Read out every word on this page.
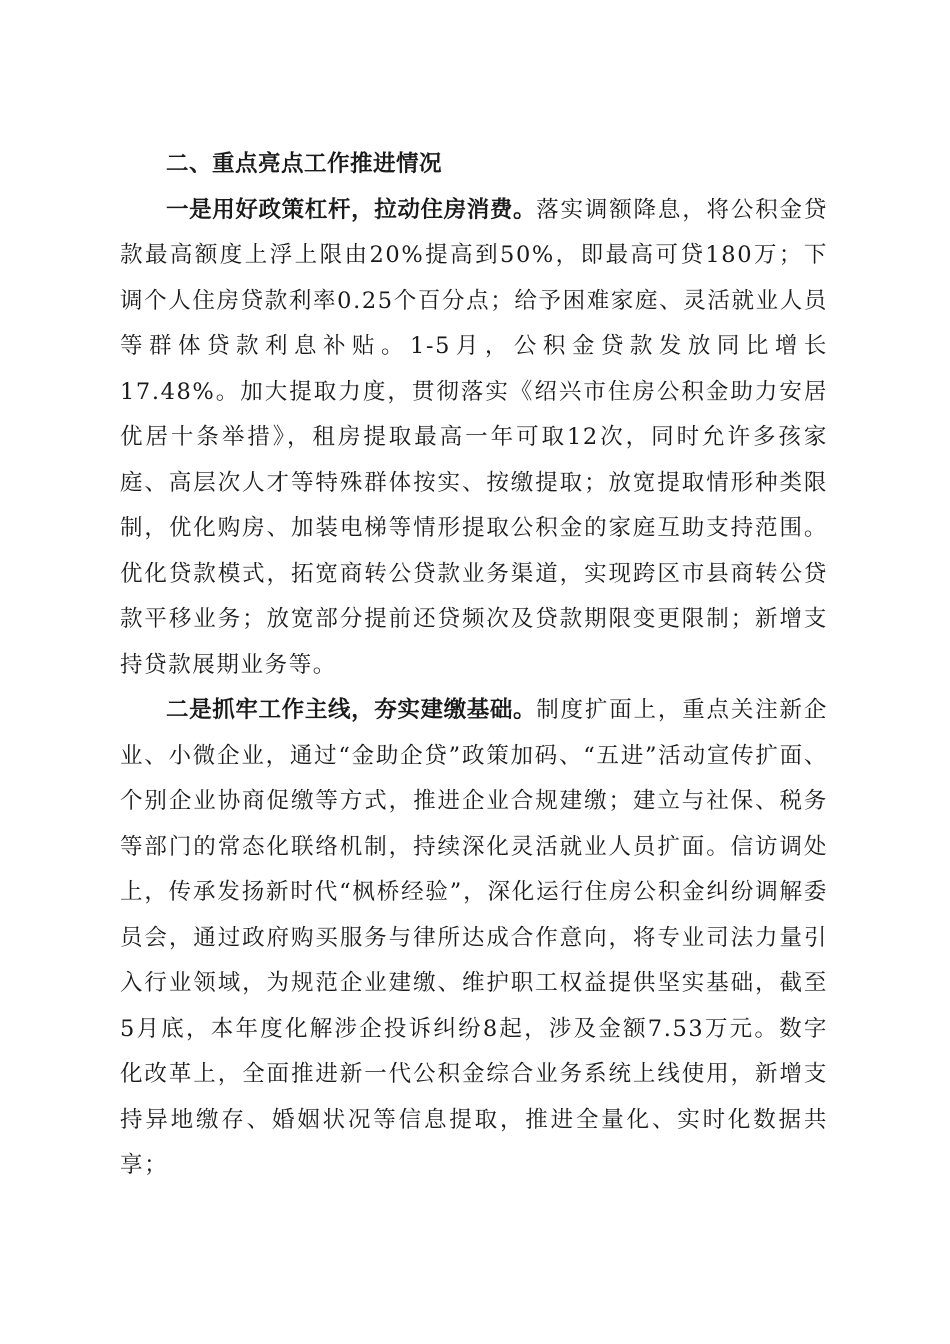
二、重点亮点工作推进情况

一是用好政策杠杆，拉动住房消费。落实调额降息，将公积金贷款最高额度上浮上限由20%提高到50%，即最高可贷180万；下调个人住房贷款利率0.25个百分点；给予困难家庭、灵活就业人员等群体贷款利息补贴。1-5月，公积金贷款发放同比增长17.48%。加大提取力度，贯彻落实《绍兴市住房公积金助力安居优居十条举措》，租房提取最高一年可取12次，同时允许多孩家庭、高层次人才等特殊群体按实、按缴提取；放宽提取情形种类限制，优化购房、加装电梯等情形提取公积金的家庭互助支持范围。优化贷款模式，拓宽商转公贷款业务渠道，实现跨区市县商转公贷款平移业务；放宽部分提前还贷频次及贷款期限变更限制；新增支持贷款展期业务等。

二是抓牢工作主线，夯实建缴基础。制度扩面上，重点关注新企业、小微企业，通过“金助企贷”政策加码、“五进”活动宣传扩面、个别企业协商促缴等方式，推进企业合规建缴；建立与社保、税务等部门的常态化联络机制，持续深化灵活就业人员扩面。信访调处上，传承发扬新时代“枫桥经验”，深化运行住房公积金纠纷调解委员会，通过政府购买服务与律所达成合作意向，将专业司法力量引入行业领域，为规范企业建缴、维护职工权益提供坚实基础，截至5月底，本年度化解涉企投诉纠纷8起，涉及金额7.53万元。数字化改革上，全面推进新一代公积金综合业务系统上线使用，新增支持异地缴存、婚姻状况等信息提取，推进全量化、实时化数据共享；
